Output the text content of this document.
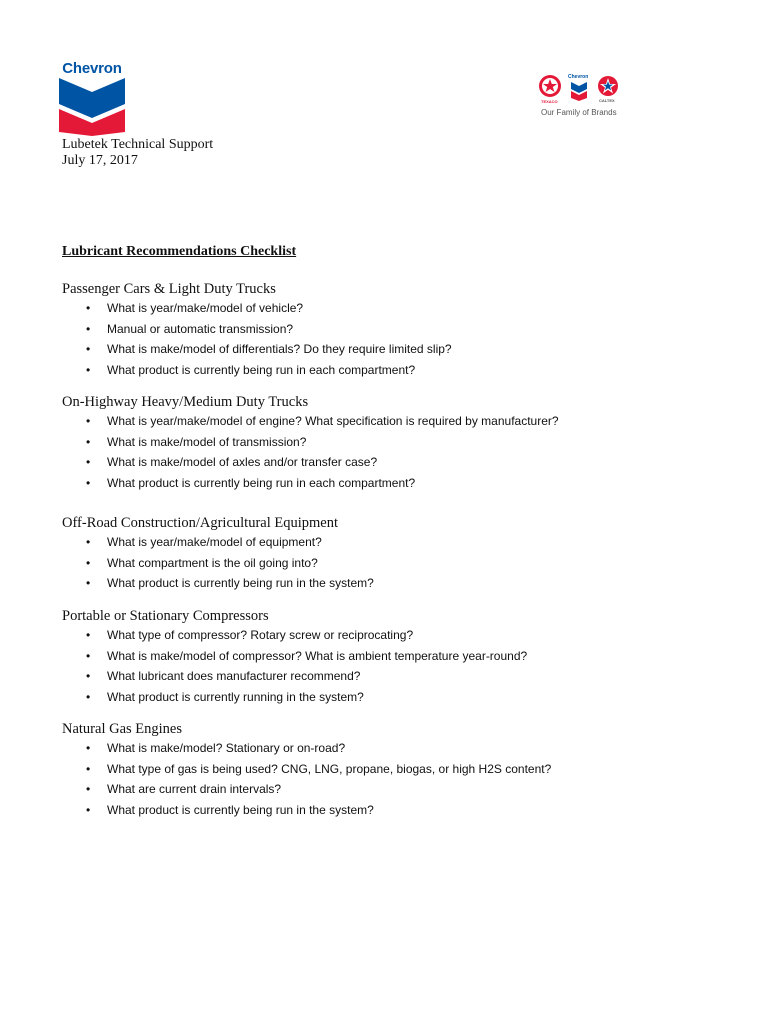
Chevron
TEXACO
Chevron
CALTEX
Our Family of Brands
Lubetek Technical Support
July 17, 2017
Lubricant Recommendations Checklist
Passenger Cars & Light Duty Trucks
• What is year/make/model of vehicle?
• Manual or automatic transmission?
• What is make/model of differentials? Do they require limited slip?
• What product is currently being run in each compartment?
On-Highway Heavy/Medium Duty Trucks
• What is year/make/model of engine? What specification is required by manufacturer?
• What is make/model of transmission?
• What is make/model of axles and/or transfer case?
• What product is currently being run in each compartment?
Off-Road Construction/Agricultural Equipment
• What is year/make/model of equipment?
• What compartment is the oil going into?
• What product is currently being run in the system?
Portable or Stationary Compressors
• What type of compressor? Rotary screw or reciprocating?
• What is make/model of compressor? What is ambient temperature year-round?
• What lubricant does manufacturer recommend?
• What product is currently running in the system?
Natural Gas Engines
• What is make/model? Stationary or on-road?
• What type of gas is being used? CNG, LNG, propane, biogas, or high H2S content?
• What are current drain intervals?
• What product is currently being run in the system?
